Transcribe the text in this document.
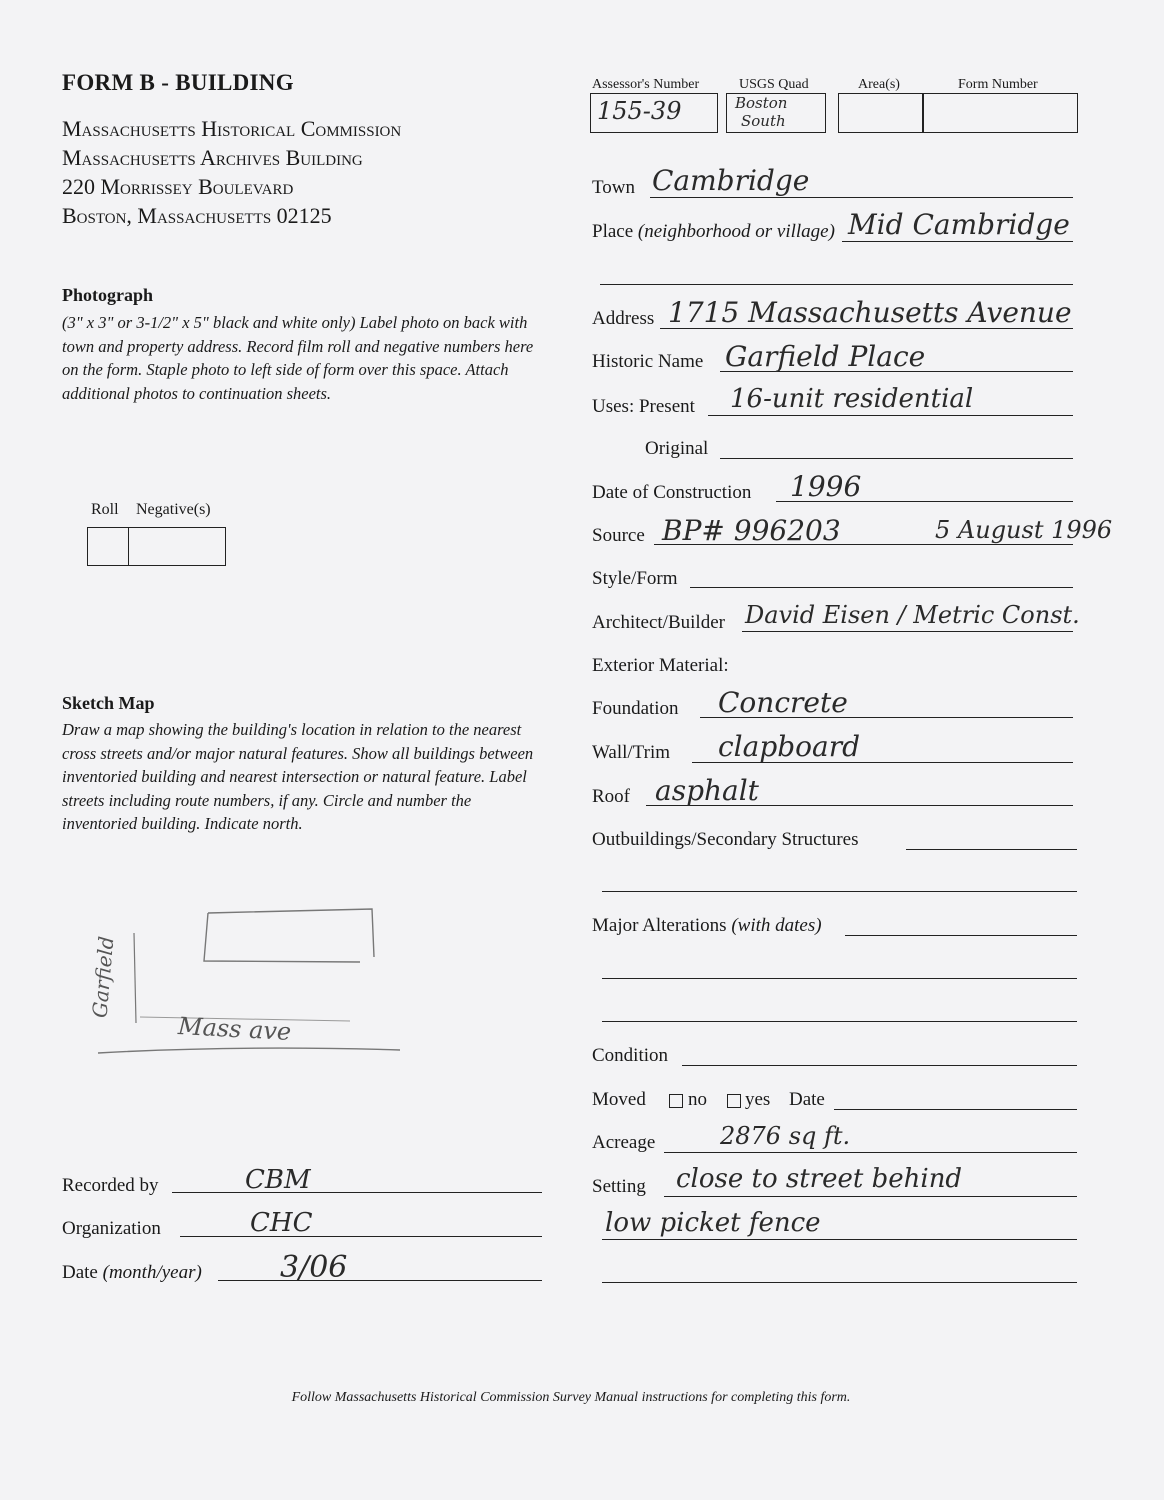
FORM B - BUILDING
Massachusetts Historical Commission
Massachusetts Archives Building
220 Morrissey Boulevard
Boston, Massachusetts 02125
Photograph
(3" x 3" or 3-1/2" x 5" black and white only) Label photo on back with town and property address. Record film roll and negative numbers here on the form. Staple photo to left side of form over this space. Attach additional photos to continuation sheets.
Roll Negative(s)
Sketch Map
Draw a map showing the building's location in relation to the nearest cross streets and/or major natural features. Show all buildings between inventoried building and nearest intersection or natural feature. Label streets including route numbers, if any. Circle and number the inventoried building. Indicate north.
Mass ave
Garfield
Recorded by	CBM
Organization	CHC
Date (month/year)	3/06
Assessor's Number	USGS Quad	Area(s)	Form Number
155-39	Boston
South
Town Cambridge
Place (neighborhood or village) Mid Cambridge
Address 1715 Massachusetts Avenue
Historic Name Garfield Place
Uses: Present 16-unit residential
Original
Date of Construction 1996
Source BP# 996203	5 August 1996
Style/Form
Architect/Builder David Eisen / Metric Const.
Exterior Material:
Foundation Concrete
Wall/Trim clapboard
Roof asphalt
Outbuildings/Secondary Structures
Major Alterations (with dates)
Condition
Moved no yes Date
Acreage	2876 sq ft.
Setting close to street behind
low picket fence
Follow Massachusetts Historical Commission Survey Manual instructions for completing this form.
